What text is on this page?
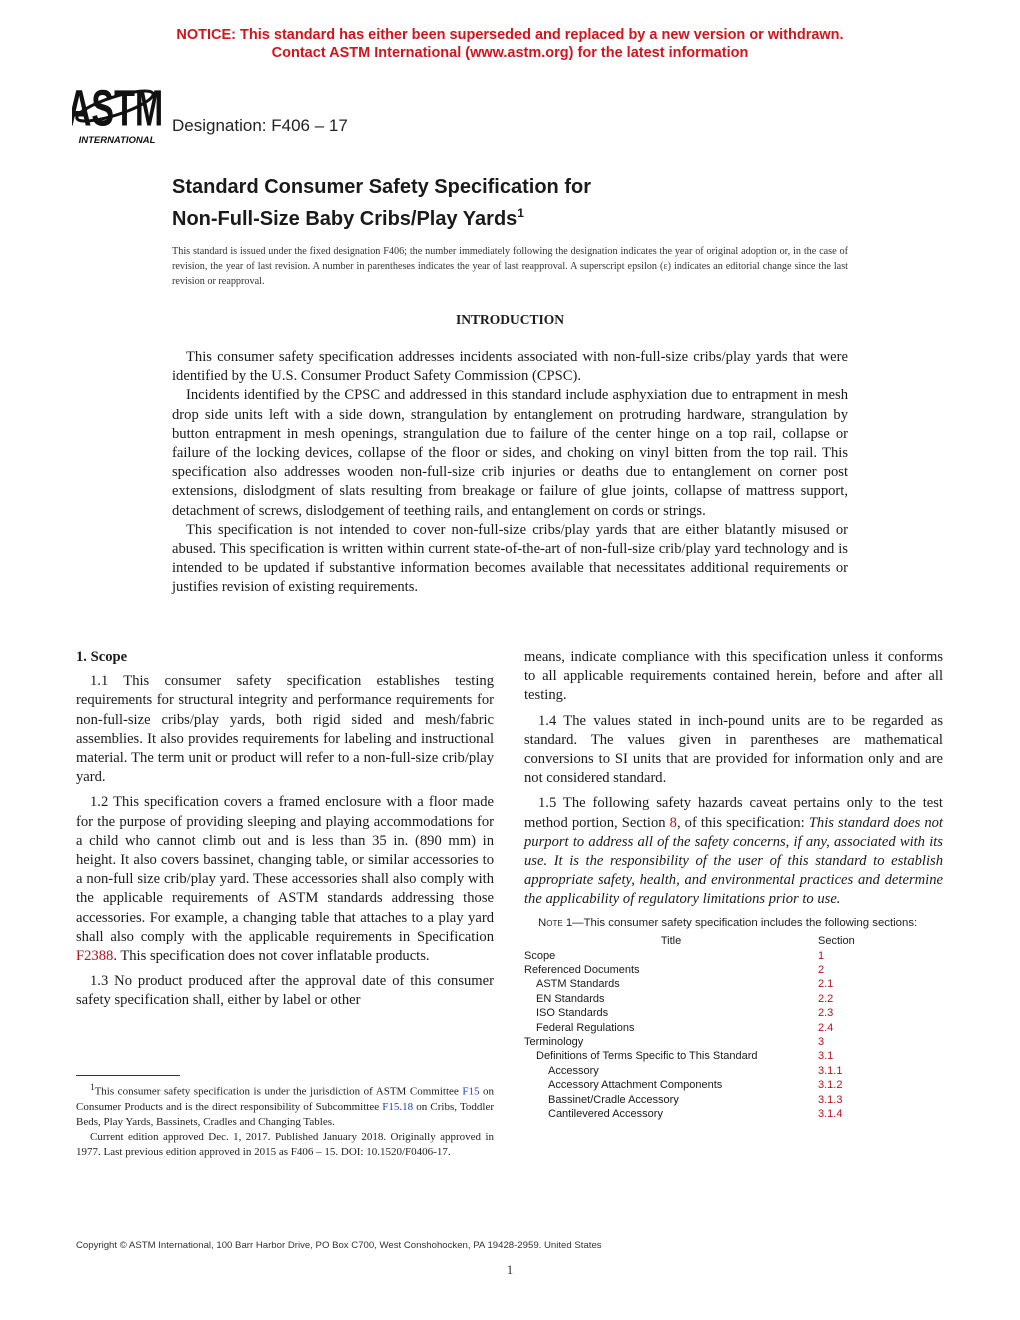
NOTICE: This standard has either been superseded and replaced by a new version or withdrawn.
Contact ASTM International (www.astm.org) for the latest information
ASTM
INTERNATIONAL
Designation: F406 – 17
Standard Consumer Safety Specification for
Non-Full-Size Baby Cribs/Play Yards$^1$
This standard is issued under the fixed designation F406; the number immediately following the designation indicates the year of original adoption or, in the case of revision, the year of last revision. A number in parentheses indicates the year of last reapproval. A superscript epsilon (ε) indicates an editorial change since the last revision or reapproval.
INTRODUCTION

This consumer safety specification addresses incidents associated with non-full-size cribs/play yards that were identified by the U.S. Consumer Product Safety Commission (CPSC).

Incidents identified by the CPSC and addressed in this standard include asphyxiation due to entrapment in mesh drop side units left with a side down, strangulation by entanglement on protruding hardware, strangulation by button entrapment in mesh openings, strangulation due to failure of the center hinge on a top rail, collapse or failure of the locking devices, collapse of the floor or sides, and choking on vinyl bitten from the top rail. This specification also addresses wooden non-full-size crib injuries or deaths due to entanglement on corner post extensions, dislodgment of slats resulting from breakage or failure of glue joints, collapse of mattress support, detachment of screws, dislodgement of teething rails, and entanglement on cords or strings.

This specification is not intended to cover non-full-size cribs/play yards that are either blatantly misused or abused. This specification is written within current state-of-the-art of non-full-size crib/play yard technology and is intended to be updated if substantive information becomes available that necessitates additional requirements or justifies revision of existing requirements.

1. Scope

1.1 This consumer safety specification establishes testing requirements for structural integrity and performance requirements for non-full-size cribs/play yards, both rigid sided and mesh/fabric assemblies. It also provides requirements for labeling and instructional material. The term unit or product will refer to a non-full-size crib/play yard.

1.2 This specification covers a framed enclosure with a floor made for the purpose of providing sleeping and playing accommodations for a child who cannot climb out and is less than 35 in. (890 mm) in height. It also covers bassinet, changing table, or similar accessories to a non-full size crib/play yard. These accessories shall also comply with the applicable requirements of ASTM standards addressing those accessories. For example, a changing table that attaches to a play yard shall also comply with the applicable requirements in Specification F2388. This specification does not cover inflatable products.

1.3 No product produced after the approval date of this consumer safety specification shall, either by label or other

means, indicate compliance with this specification unless it conforms to all applicable requirements contained herein, before and after all testing.

1.4 The values stated in inch-pound units are to be regarded as standard. The values given in parentheses are mathematical conversions to SI units that are provided for information only and are not considered standard.

1.5 The following safety hazards caveat pertains only to the test method portion, Section 8, of this specification: This standard does not purport to address all of the safety concerns, if any, associated with its use. It is the responsibility of the user of this standard to establish appropriate safety, health, and environmental practices and determine the applicability of regulatory limitations prior to use.

Note 1—This consumer safety specification includes the following sections:
Title	Section
Scope	1
Referenced Documents	2
ASTM Standards	2.1
EN Standards	2.2
ISO Standards	2.3
Federal Regulations	2.4
Terminology	3
Definitions of Terms Specific to This Standard	3.1
Accessory	3.1.1
Accessory Attachment Components	3.1.2
Bassinet/Cradle Accessory	3.1.3
Cantilevered Accessory	3.1.4

$^1$This consumer safety specification is under the jurisdiction of ASTM Committee F15 on Consumer Products and is the direct responsibility of Subcommittee F15.18 on Cribs, Toddler Beds, Play Yards, Bassinets, Cradles and Changing Tables.

Current edition approved Dec. 1, 2017. Published January 2018. Originally approved in 1977. Last previous edition approved in 2015 as F406 – 15. DOI: 10.1520/F0406-17.

Copyright © ASTM International, 100 Barr Harbor Drive, PO Box C700, West Conshohocken, PA 19428-2959. United States
1
